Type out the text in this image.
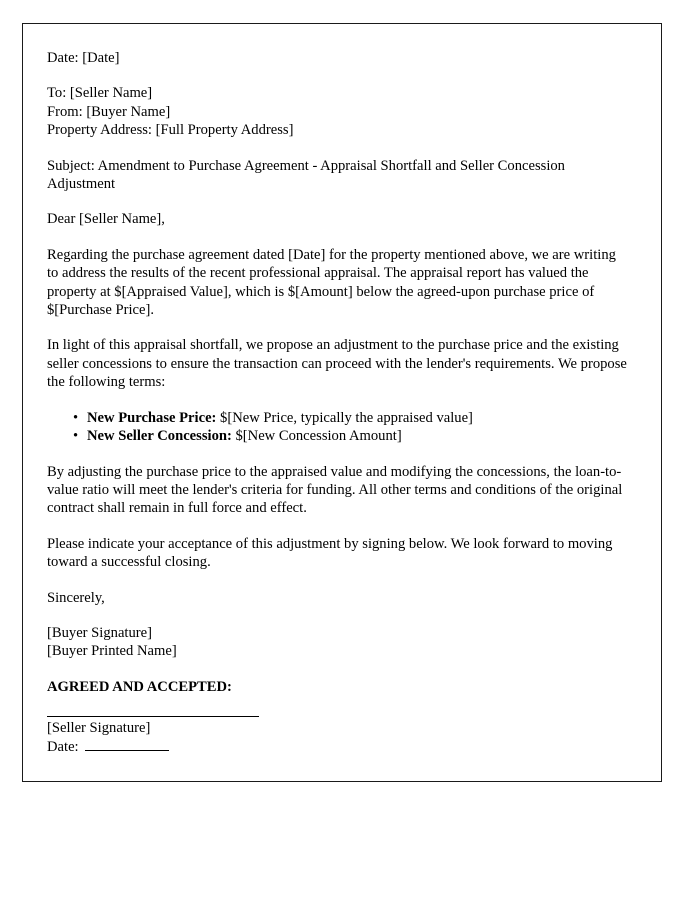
Date: [Date]
To: [Seller Name]
From: [Buyer Name]
Property Address: [Full Property Address]
Subject: Amendment to Purchase Agreement - Appraisal Shortfall and Seller Concession Adjustment
Dear [Seller Name],
Regarding the purchase agreement dated [Date] for the property mentioned above, we are writing to address the results of the recent professional appraisal. The appraisal report has valued the property at $[Appraised Value], which is $[Amount] below the agreed-upon purchase price of $[Purchase Price].
In light of this appraisal shortfall, we propose an adjustment to the purchase price and the existing seller concessions to ensure the transaction can proceed with the lender's requirements. We propose the following terms:
• New Purchase Price: $[New Price, typically the appraised value]
• New Seller Concession: $[New Concession Amount]
By adjusting the purchase price to the appraised value and modifying the concessions, the loan-to-value ratio will meet the lender's criteria for funding. All other terms and conditions of the original contract shall remain in full force and effect.
Please indicate your acceptance of this adjustment by signing below. We look forward to moving toward a successful closing.
Sincerely,
[Buyer Signature]
[Buyer Printed Name]
AGREED AND ACCEPTED:
[Seller Signature]
Date:
